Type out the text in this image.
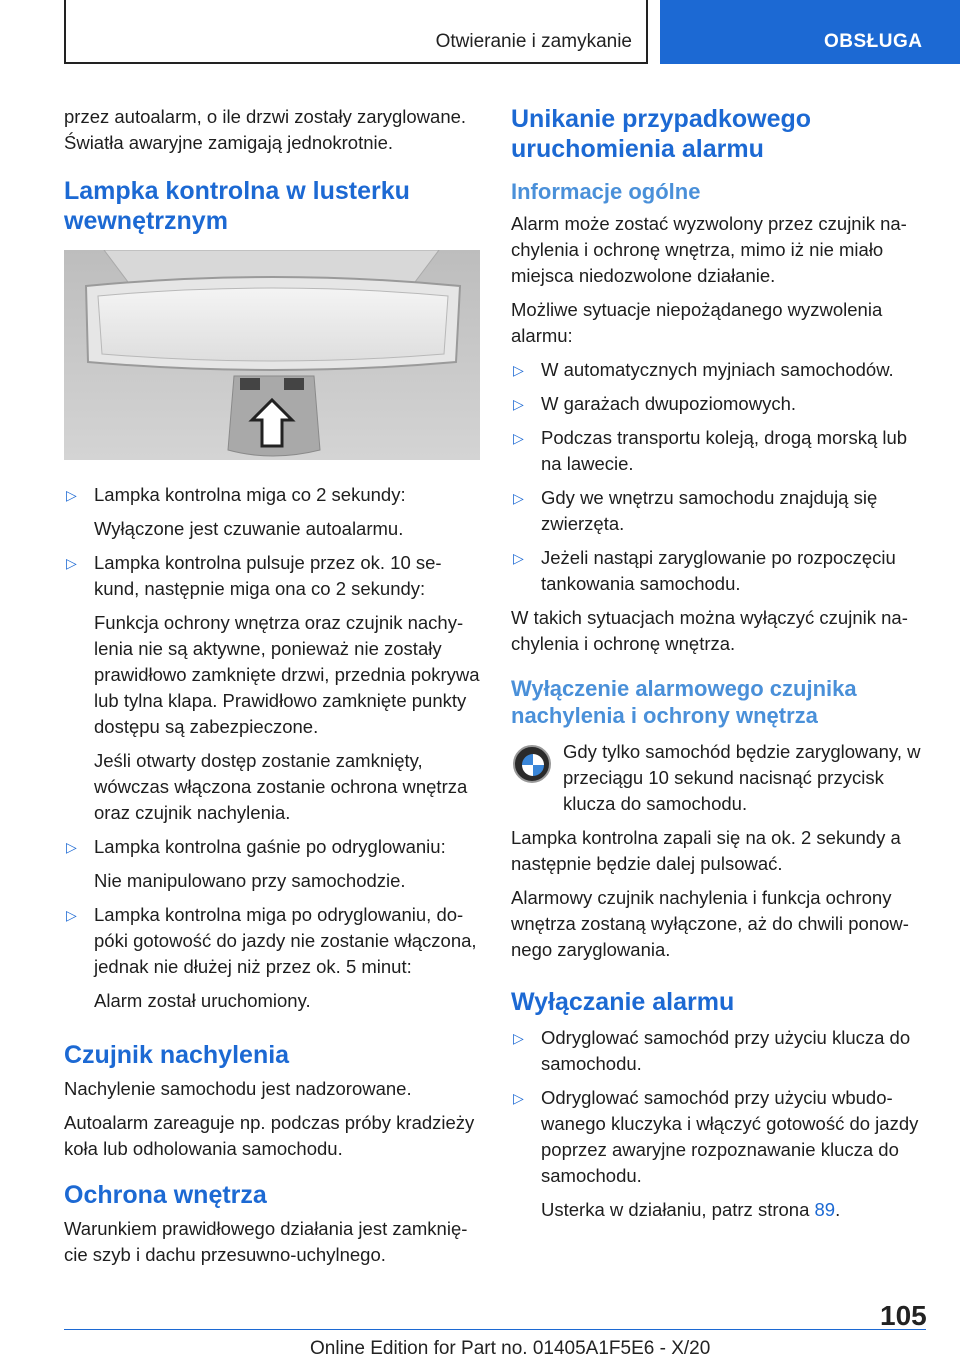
Otwieranie i zamykanie	OBSŁUGA

przez autoalarm, o ile drzwi zostały zaryglowane. Światła awaryjne zamigają jednokrotnie.

Lampka kontrolna w lusterku wewnętrznym
▷ Lampka kontrolna miga co 2 sekundy:
Wyłączone jest czuwanie autoalarmu.
▷ Lampka kontrolna pulsuje przez ok. 10 sekund, następnie miga ona co 2 sekundy:
Funkcja ochrony wnętrza oraz czujnik nachylenia nie są aktywne, ponieważ nie zostały prawidłowo zamknięte drzwi, przednia pokrywa lub tylna klapa. Prawidłowo zamknięte punkty dostępu są zabezpieczone.
Jeśli otwarty dostęp zostanie zamknięty, wówczas włączona zostanie ochrona wnętrza oraz czujnik nachylenia.
▷ Lampka kontrolna gaśnie po odryglowaniu:
Nie manipulowano przy samochodzie.
▷ Lampka kontrolna miga po odryglowaniu, dopóki gotowość do jazdy nie zostanie włączona, jednak nie dłużej niż przez ok. 5 minut:
Alarm został uruchomiony.
Czujnik nachylenia

Nachylenie samochodu jest nadzorowane.

Autoalarm zareaguje np. podczas próby kradzieży koła lub odholowania samochodu.

Ochrona wnętrza

Warunkiem prawidłowego działania jest zamknięcie szyb i dachu przesuwno-uchylnego.

Unikanie przypadkowego uruchomienia alarmu
Informacje ogólne

Alarm może zostać wyzwolony przez czujnik nachylenia i ochronę wnętrza, mimo iż nie miało miejsca niedozwolone działanie.

Możliwe sytuacje niepożądanego wyzwolenia alarmu:

▷ W automatycznych myjniach samochodów.
▷ W garażach dwupoziomowych.
▷ Podczas transportu koleją, drogą morską lub na lawecie.
▷ Gdy we wnętrzu samochodu znajdują się zwierzęta.
▷ Jeżeli nastąpi zaryglowanie po rozpoczęciu tankowania samochodu.

W takich sytuacjach można wyłączyć czujnik nachylenia i ochronę wnętrza.

Wyłączenie alarmowego czujnika nachylenia i ochrony wnętrza
Gdy tylko samochód będzie zaryglowany, w przeciągu 10 sekund nacisnąć przycisk klucza do samochodu.

Lampka kontrolna zapali się na ok. 2 sekundy a następnie będzie dalej pulsować.

Alarmowy czujnik nachylenia i funkcja ochrony wnętrza zostaną wyłączone, aż do chwili ponownego zaryglowania.

Wyłączanie alarmu
▷ Odryglować samochód przy użyciu klucza do samochodu.
▷ Odryglować samochód przy użyciu wbudowanego kluczyka i włączyć gotowość do jazdy poprzez awaryjne rozpoznawanie klucza do samochodu.
Usterka w działaniu, patrz strona 89.
105
Online Edition for Part no. 01405A1F5E6 - X/20
